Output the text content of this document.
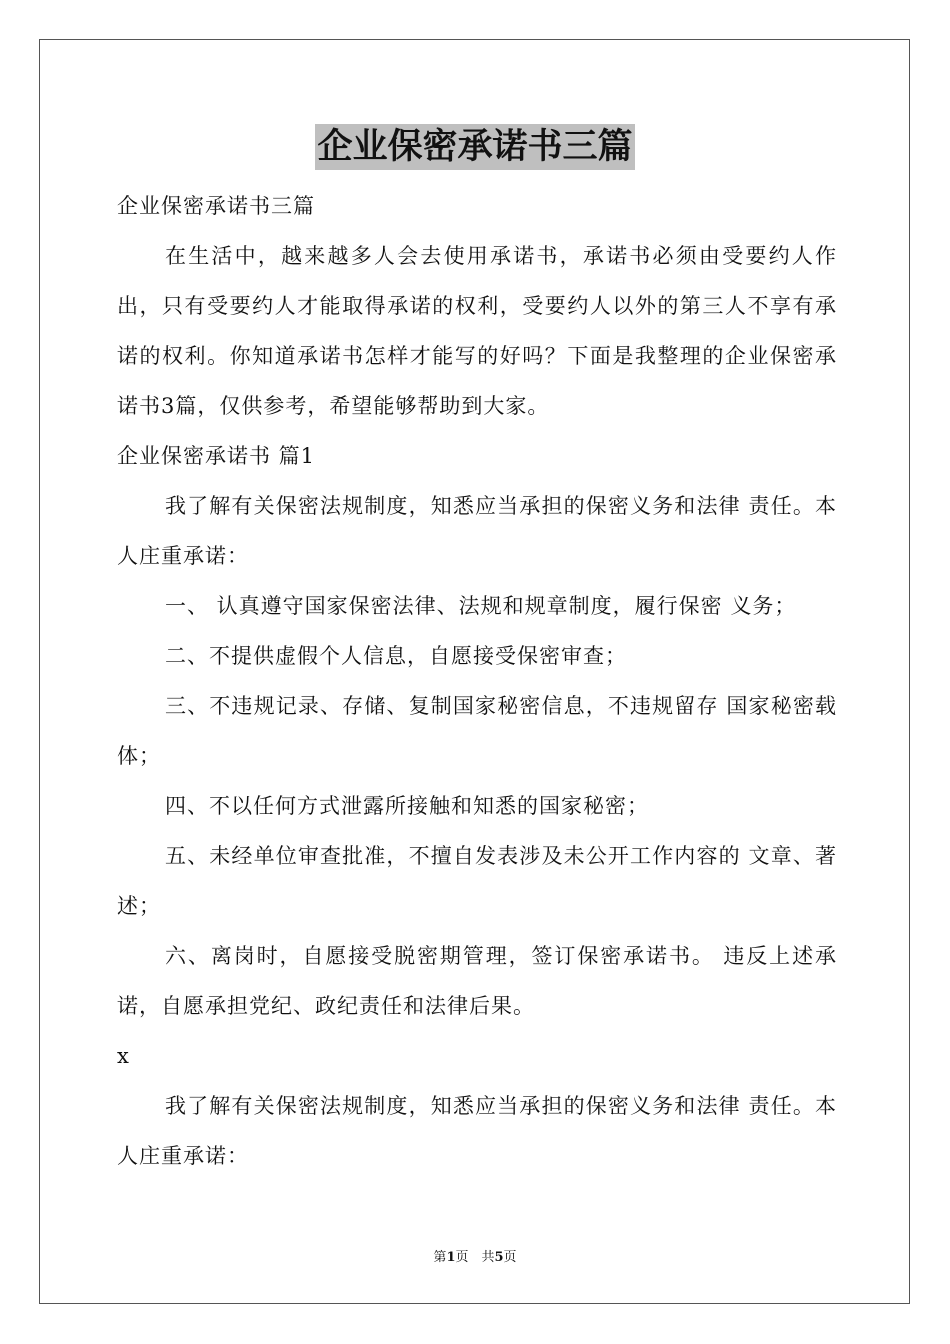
企业保密承诺书三篇

企业保密承诺书三篇

在生活中，越来越多人会去使用承诺书，承诺书必须由受要约人作出，只有受要约人才能取得承诺的权利，受要约人以外的第三人不享有承诺的权利。你知道承诺书怎样才能写的好吗？下面是我整理的企业保密承诺书3篇，仅供参考，希望能够帮助到大家。

企业保密承诺书 篇1

我了解有关保密法规制度，知悉应当承担的保密义务和法律 责任。本人庄重承诺：

一、 认真遵守国家保密法律、法规和规章制度，履行保密 义务；

二、不提供虚假个人信息，自愿接受保密审查；

三、不违规记录、存储、复制国家秘密信息，不违规留存 国家秘密载体；

四、不以任何方式泄露所接触和知悉的国家秘密；

五、未经单位审查批准，不擅自发表涉及未公开工作内容的 文章、著述；

六、离岗时，自愿接受脱密期管理，签订保密承诺书。 违反上述承诺，自愿承担党纪、政纪责任和法律后果。

x

我了解有关保密法规制度，知悉应当承担的保密义务和法律 责任。本人庄重承诺：

第1页　共5页
